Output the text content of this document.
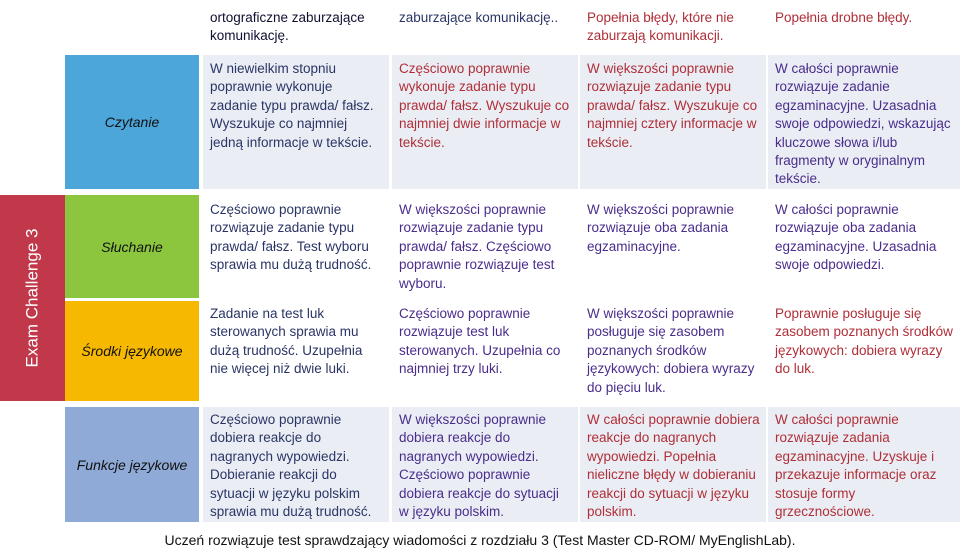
ortograficzne zaburzające komunikację.
zaburzające komunikację..	Popełnia błędy, które nie zaburzają komunikacji.
Popełnia drobne błędy.
Czytanie
W niewielkim stopniu poprawnie wykonuje zadanie typu prawda/ fałsz. Wyszukuje co najmniej jedną informacje w tekście.
Częściowo poprawnie wykonuje zadanie typu prawda/ fałsz. Wyszukuje co najmniej dwie informacje w tekście.
W większości poprawnie rozwiązuje zadanie typu prawda/ fałsz. Wyszukuje co najmniej cztery informacje w tekście.
W całości poprawnie rozwiązuje zadanie egzaminacyjne. Uzasadnia swoje odpowiedzi, wskazując kluczowe słowa i/lub fragmenty w oryginalnym tekście.
Exam Challenge 3	Słuchanie
Częściowo poprawnie rozwiązuje zadanie typu prawda/ fałsz. Test wyboru sprawia mu dużą trudność.
W większości poprawnie rozwiązuje zadanie typu prawda/ fałsz. Częściowo poprawnie rozwiązuje test wyboru.
W większości poprawnie rozwiązuje oba zadania egzaminacyjne.
W całości poprawnie rozwiązuje oba zadania egzaminacyjne. Uzasadnia swoje odpowiedzi.
Środki językowe
Zadanie na test luk sterowanych sprawia mu dużą trudność. Uzupełnia nie więcej niż dwie luki.
Częściowo poprawnie rozwiązuje test luk sterowanych. Uzupełnia co najmniej trzy luki.
W większości poprawnie posługuje się zasobem poznanych środków językowych: dobiera wyrazy do pięciu luk.
Poprawnie posługuje się zasobem poznanych środków językowych: dobiera wyrazy do luk.
Funkcje językowe
Częściowo poprawnie dobiera reakcje do nagranych wypowiedzi. Dobieranie reakcji do sytuacji w języku polskim sprawia mu dużą trudność.
W większości poprawnie dobiera reakcje do nagranych wypowiedzi. Częściowo poprawnie dobiera reakcje do sytuacji w języku polskim.
W całości poprawnie dobiera reakcje do nagranych wypowiedzi. Popełnia nieliczne błędy w dobieraniu reakcji do sytuacji w języku polskim.
W całości poprawnie rozwiązuje zadania egzaminacyjne. Uzyskuje i przekazuje informacje oraz stosuje formy grzecznościowe.
Uczeń rozwiązuje test sprawdzający wiadomości z rozdziału 3 (Test Master CD-ROM/ MyEnglishLab).
